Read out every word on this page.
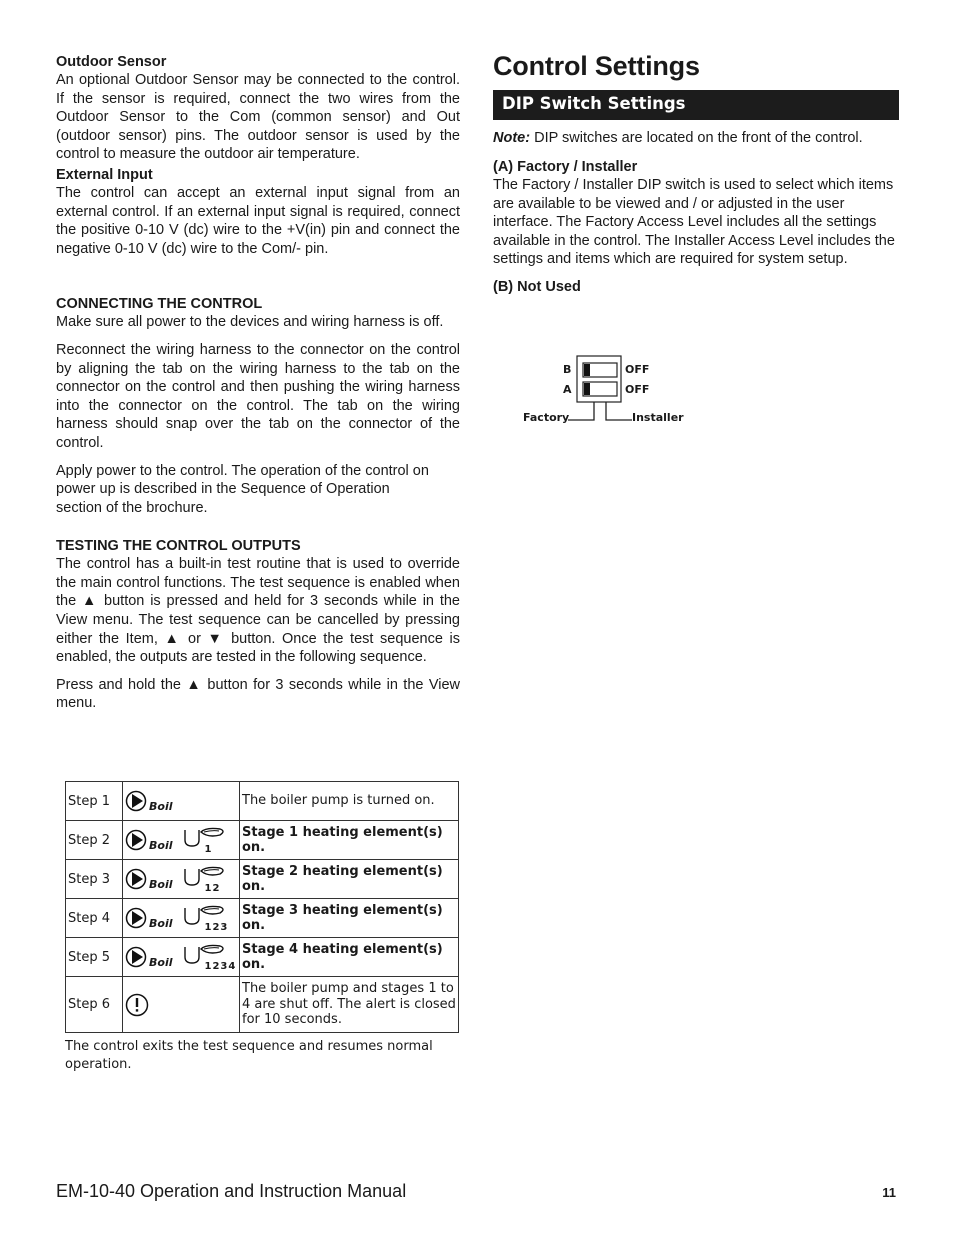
Outdoor Sensor

An optional Outdoor Sensor may be connected to the control. If the sensor is required, connect the two wires from the Outdoor Sensor to the Com (common sensor) and Out (outdoor sensor) pins. The outdoor sensor is used by the control to measure the outdoor air temperature.

External Input

The control can accept an external input signal from an external control. If an external input signal is required, connect the positive 0-10 V (dc) wire to the +V(in) pin and connect the negative 0-10 V (dc) wire to the Com/- pin.

CONNECTING THE CONTROL

Make sure all power to the devices and wiring harness is off.

Reconnect the wiring harness to the connector on the control by aligning the tab on the wiring harness to the tab on the connector on the control and then pushing the wiring harness into the connector on the control. The tab on the wiring harness should snap over the tab on the connector of the control.

Apply power to the control. The operation of the control on power up is described in the Sequence of Operation section of the brochure.

TESTING THE CONTROL OUTPUTS

The control has a built-in test routine that is used to override the main control functions. The test sequence is enabled when the ▲ button is pressed and held for 3 seconds while in the View menu. The test sequence can be cancelled by pressing either the Item, ▲ or ▼ button. Once the test sequence is enabled, the outputs are tested in the following sequence.

Press and hold the ▲ button for 3 seconds while in the View menu.

Step 1	Boil	The boiler pump is turned on.
Step 2	Boil 1	Stage 1 heating element(s) on.
Step 3	Boil 12	Stage 2 heating element(s) on.
Step 4	Boil 123	Stage 3 heating element(s) on.
Step 5	Boil 1234	Stage 4 heating element(s) on.
Step 6		The boiler pump and stages 1 to 4 are shut off. The alert is closed for 10 seconds.
The control exits the test sequence and resumes normal operation.
Control Settings
DIP Switch Settings
Note: DIP switches are located on the front of the control.

(A) Factory / Installer

The Factory / Installer DIP switch is used to select which items are available to be viewed and / or adjusted in the user interface. The Factory Access Level includes all the settings available in the control. The Installer Access Level includes the settings and items which are required for system setup.

(B) Not Used

B
A
OFF
OFF
Factory	Installer
EM-10-40 Operation and Instruction Manual	11
